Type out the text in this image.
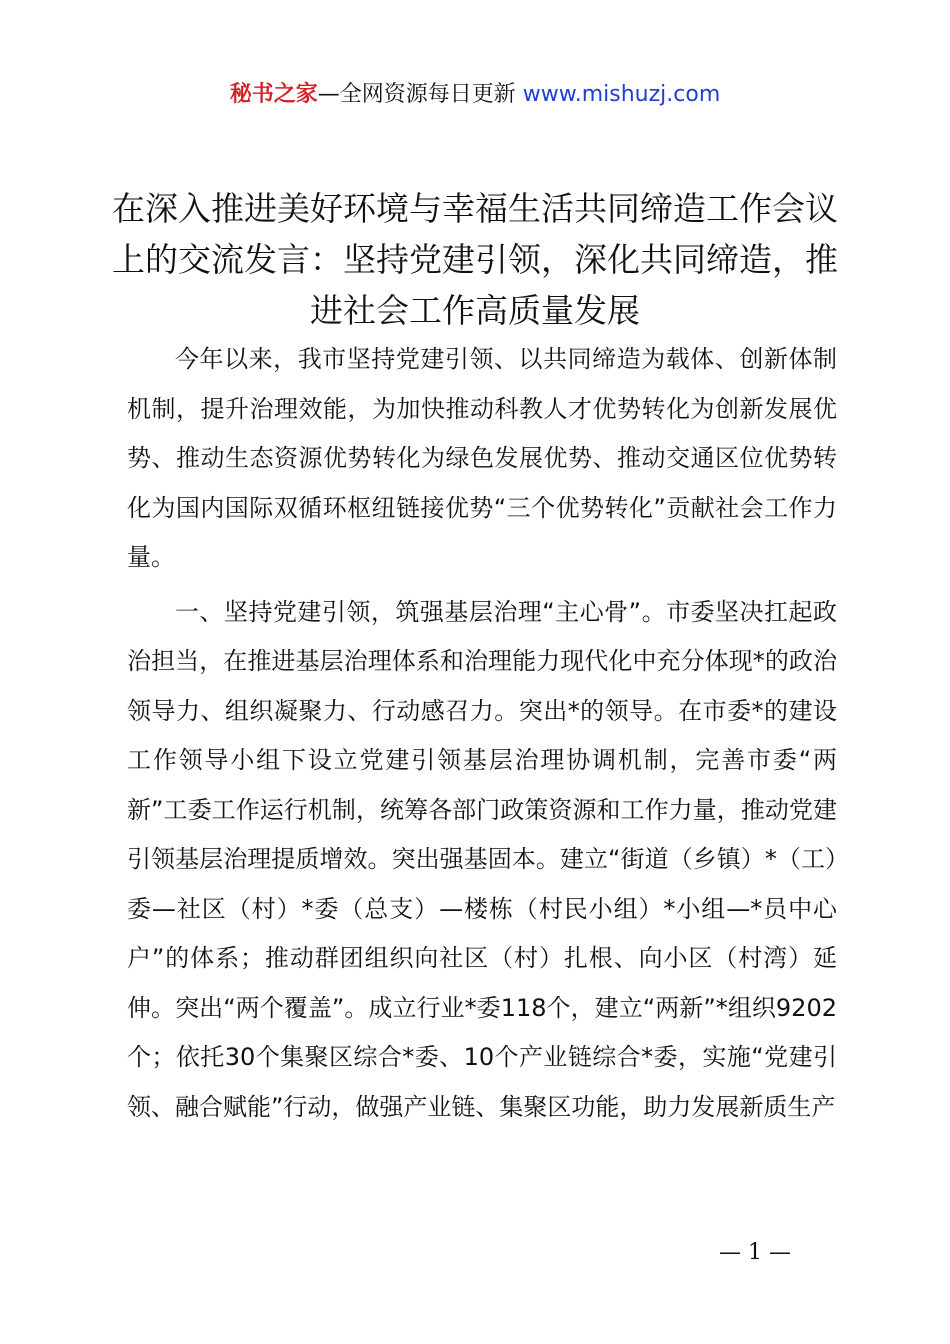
秘书之家—全网资源每日更新 www.mishuzj.com
在深入推进美好环境与幸福生活共同缔造工作会议上的交流发言：坚持党建引领，深化共同缔造，推进社会工作高质量发展

今年以来，我市坚持党建引领、以共同缔造为载体、创新体制机制，提升治理效能，为加快推动科教人才优势转化为创新发展优势、推动生态资源优势转化为绿色发展优势、推动交通区位优势转化为国内国际双循环枢纽链接优势“三个优势转化”贡献社会工作力量。

一、坚持党建引领，筑强基层治理“主心骨”。市委坚决扛起政治担当，在推进基层治理体系和治理能力现代化中充分体现*的政治领导力、组织凝聚力、行动感召力。突出*的领导。在市委*的建设工作领导小组下设立党建引领基层治理协调机制，完善市委“两新”工委工作运行机制，统筹各部门政策资源和工作力量，推动党建引领基层治理提质增效。突出强基固本。建立“街道（乡镇）*（工）委—社区（村）*委（总支）—楼栋（村民小组）*小组—*员中心户”的体系；推动群团组织向社区（村）扎根、向小区（村湾）延伸。突出“两个覆盖”。成立行业*委118个，建立“两新”*组织9202个；依托30个集聚区综合*委、10个产业链综合*委，实施“党建引领、融合赋能”行动，做强产业链、集聚区功能，助力发展新质生产

— 1 —
